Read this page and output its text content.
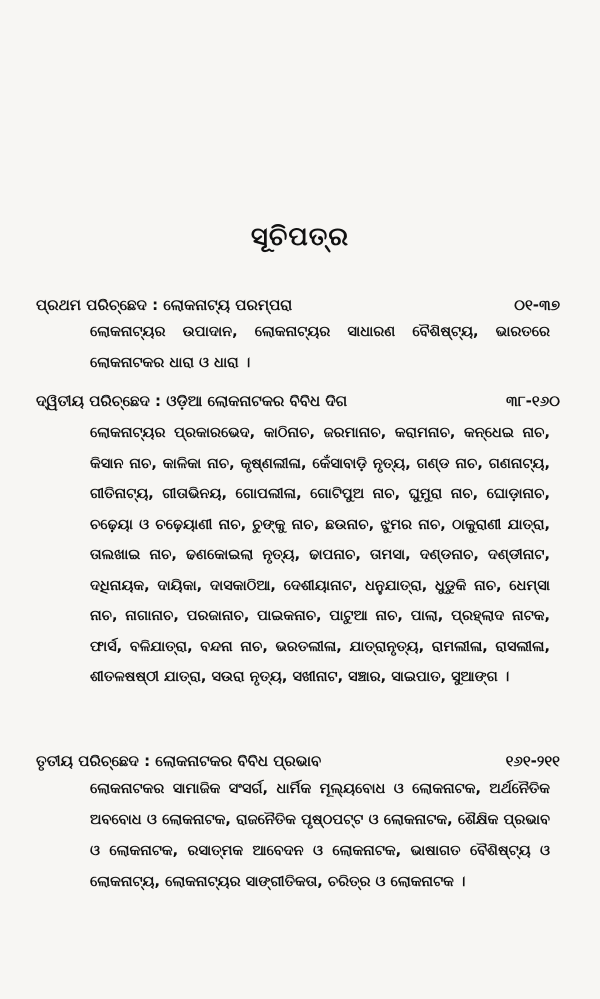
ସୂଚିପତ୍ର
ପ୍ରଥମ ପରିଚ୍ଛେଦ : ଲୋକନାଟ୍ୟ ପରମ୍ପରା	୦୧-୩୭
ଲୋକନାଟ୍ୟର ଉପାଦାନ, ଲୋକନାଟ୍ୟର ସାଧାରଣ ବୈଶିଷ୍ଟ୍ୟ, ଭାରତରେ ଲୋକନାଟକର ଧାରା ଓ ଧାରା ।
ଦ୍ୱିତୀୟ ପରିଚ୍ଛେଦ : ଓଡ଼ିଆ ଲୋକନାଟକର ବିବିଧ ଦିଗ	୩୮-୧୬୦
ଲୋକନାଟ୍ୟର ପ୍ରକାରଭେଦ, କାଠିନାଚ, ଜରମାନାଚ, କରାମନାଚ, କନ୍ଧେଇ ନାଚ, କିସାନ ନାଚ, କାଳିକା ନାଚ, କୃଷ୍ଣଲୀଳା, କେଁସାବାଡ଼ି ନୃତ୍ୟ, ଗଣ୍ଡ ନାଚ, ଗଣନାଟ୍ୟ, ଗୀତିନାଟ୍ୟ, ଗୀତାଭିନୟ, ଗୋପଲୀଳା, ଗୋଟିପୁଅ ନାଚ, ଘୁମୁରା ନାଚ, ଘୋଡ଼ାନାଚ, ଚଢ଼େୟା ଓ ଚଢ଼େୟାଣୀ ନାଚ, ଚୁଙ୍କୁ ନାଚ, ଛଉନାଚ, ଝୁମର ନାଚ, ଠାକୁରାଣୀ ଯାତ୍ରା, ତାଲଖାଇ ନାଚ, ଢଣକୋଇଲା ନୃତ୍ୟ, ଢାପନାଚ, ତାମସା, ଦଣ୍ଡନାଚ, ଦଣ୍ଡୀନାଟ, ଦଧିନାୟକ, ଦାୟିକା, ଦାସକାଠିଆ, ଦେଶୀୟାନାଟ, ଧନୁଯାତ୍ରା, ଧୁଡୁକି ନାଚ, ଧେମ୍ସା ନାଚ, ନାଗାନାଚ, ପରଜାନାଚ, ପାଇକନାଚ, ପାଟୁଆ ନାଚ, ପାଲା, ପ୍ରହ୍ଲାଦ ନାଟକ, ଫାର୍ସ, ବଳିଯାତ୍ରା, ବନ୍ଦନା ନାଚ, ଭରତଲୀଳା, ଯାତ୍ରାନୃତ୍ୟ, ରାମଲୀଳା, ରାସଲୀଳା, ଶୀତଳଷଷ୍ଠୀ ଯାତ୍ରା, ସଉରା ନୃତ୍ୟ, ସଖୀନାଟ, ସଞ୍ଚାର, ସାଇପାତ, ସୁଆଙ୍ଗ ।
ତୃତୀୟ ପରିଚ୍ଛେଦ : ଲୋକନାଟକର ବିବିଧ ପ୍ରଭାବ	୧୬୧-୨୧୧
ଲୋକନାଟକର ସାମାଜିକ ସଂସର୍ଗ, ଧାର୍ମିକ ମୂଲ୍ୟବୋଧ ଓ ଲୋକନାଟକ, ଅର୍ଥନୈତିକ ଅବବୋଧ ଓ ଲୋକନାଟକ, ରାଜନୈତିକ ପୃଷ୍ଠପଟ୍ଟ ଓ ଲୋକନାଟକ, ଶୈକ୍ଷିକ ପ୍ରଭାବ ଓ ଲୋକନାଟକ, ରସାତ୍ମକ ଆବେଦନ ଓ ଲୋକନାଟକ, ଭାଷାଗତ ବୈଶିଷ୍ଟ୍ୟ ଓ ଲୋକନାଟ୍ୟ, ଲୋକନାଟ୍ୟର ସାଙ୍ଗୀତିକତା, ଚରିତ୍ର ଓ ଲୋକନାଟକ ।
